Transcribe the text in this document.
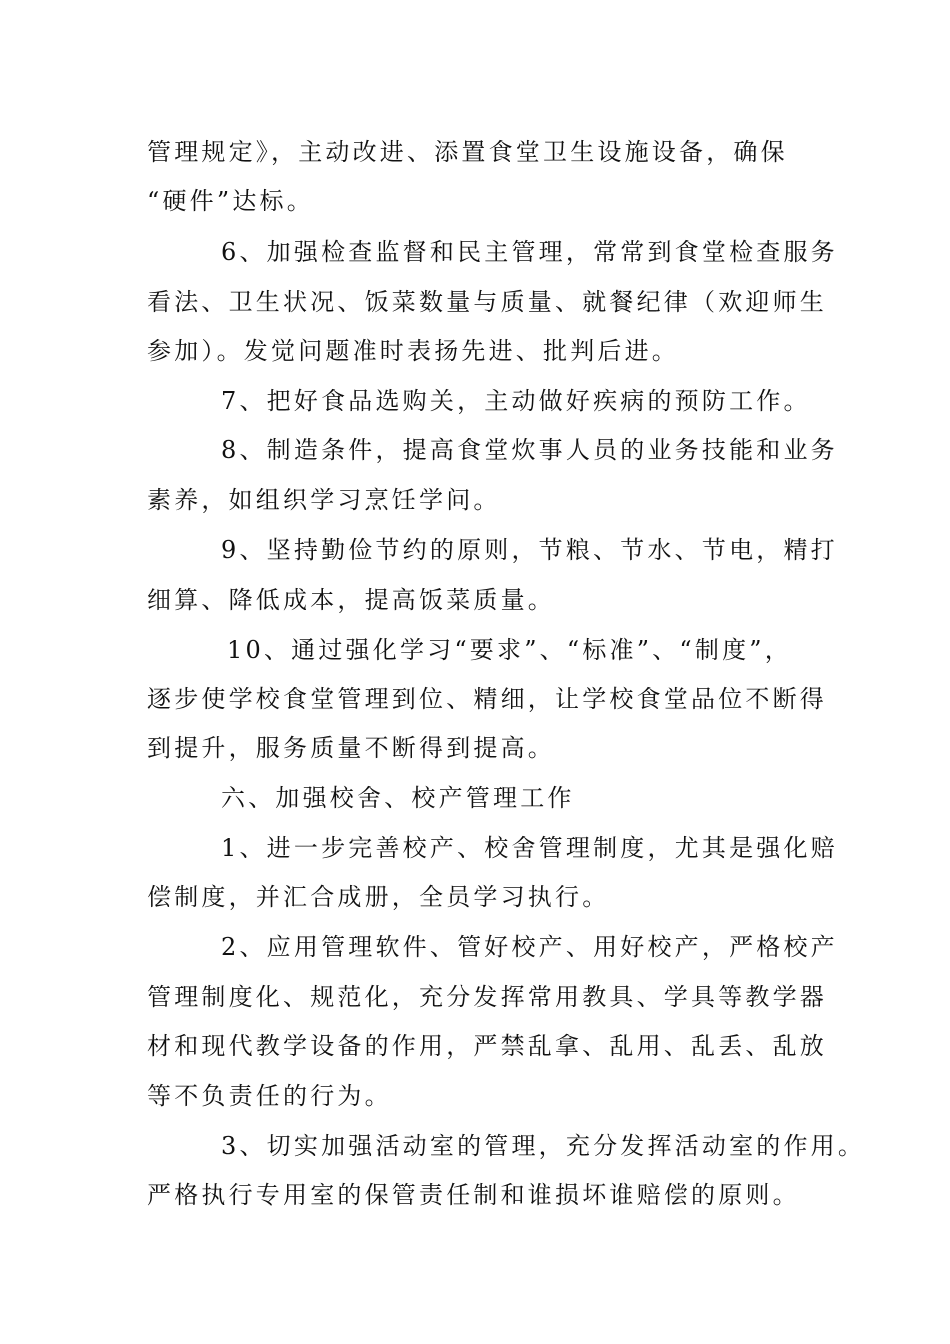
管理规定》，主动改进、添置食堂卫生设施设备，确保
“硬件”达标。
6、加强检查监督和民主管理，常常到食堂检查服务
看法、卫生状况、饭菜数量与质量、就餐纪律（欢迎师生
参加）。发觉问题准时表扬先进、批判后进。
7、把好食品选购关，主动做好疾病的预防工作。
8、制造条件，提高食堂炊事人员的业务技能和业务
素养，如组织学习烹饪学问。
9、坚持勤俭节约的原则，节粮、节水、节电，精打
细算、降低成本，提高饭菜质量。
10、通过强化学习“要求”、“标准”、“制度”，
逐步使学校食堂管理到位、精细，让学校食堂品位不断得
到提升，服务质量不断得到提高。
六、加强校舍、校产管理工作
1、进一步完善校产、校舍管理制度，尤其是强化赔
偿制度，并汇合成册，全员学习执行。
2、应用管理软件、管好校产、用好校产，严格校产
管理制度化、规范化，充分发挥常用教具、学具等教学器
材和现代教学设备的作用，严禁乱拿、乱用、乱丢、乱放
等不负责任的行为。
3、切实加强活动室的管理，充分发挥活动室的作用。
严格执行专用室的保管责任制和谁损坏谁赔偿的原则。
